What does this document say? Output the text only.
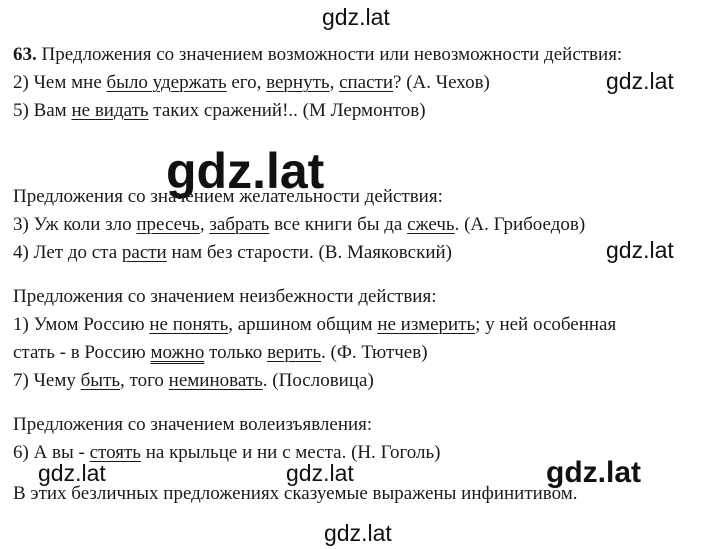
gdz.lat
gdz.lat
gdz.lat
gdz.lat

63. Предложения со значением возможности или невозможности действия:

2) Чем мне было удержать его, вернуть, спасти? (А. Чехов)

5) Вам не видать таких сражений!.. (М Лермонтов)

Предложения со значением желательности действия:

3) Уж коли зло пресечь, забрать все книги бы да сжечь. (А. Грибоедов)

4) Лет до ста расти нам без старости. (В. Маяковский)

Предложения со значением неизбежности действия:

1) Умом Россию не понять, аршином общим не измерить; у ней особенная

стать - в Россию можно только верить. (Ф. Тютчев)

7) Чему быть, того неминовать. (Пословица)

Предложения со значением волеизъявления:

6) А вы - стоять на крыльце и ни с места. (Н. Гоголь)

В этих безличных предложениях сказуемые выражены инфинитивом.

gdz.lat	gdz.lat	gdz.lat
gdz.lat
